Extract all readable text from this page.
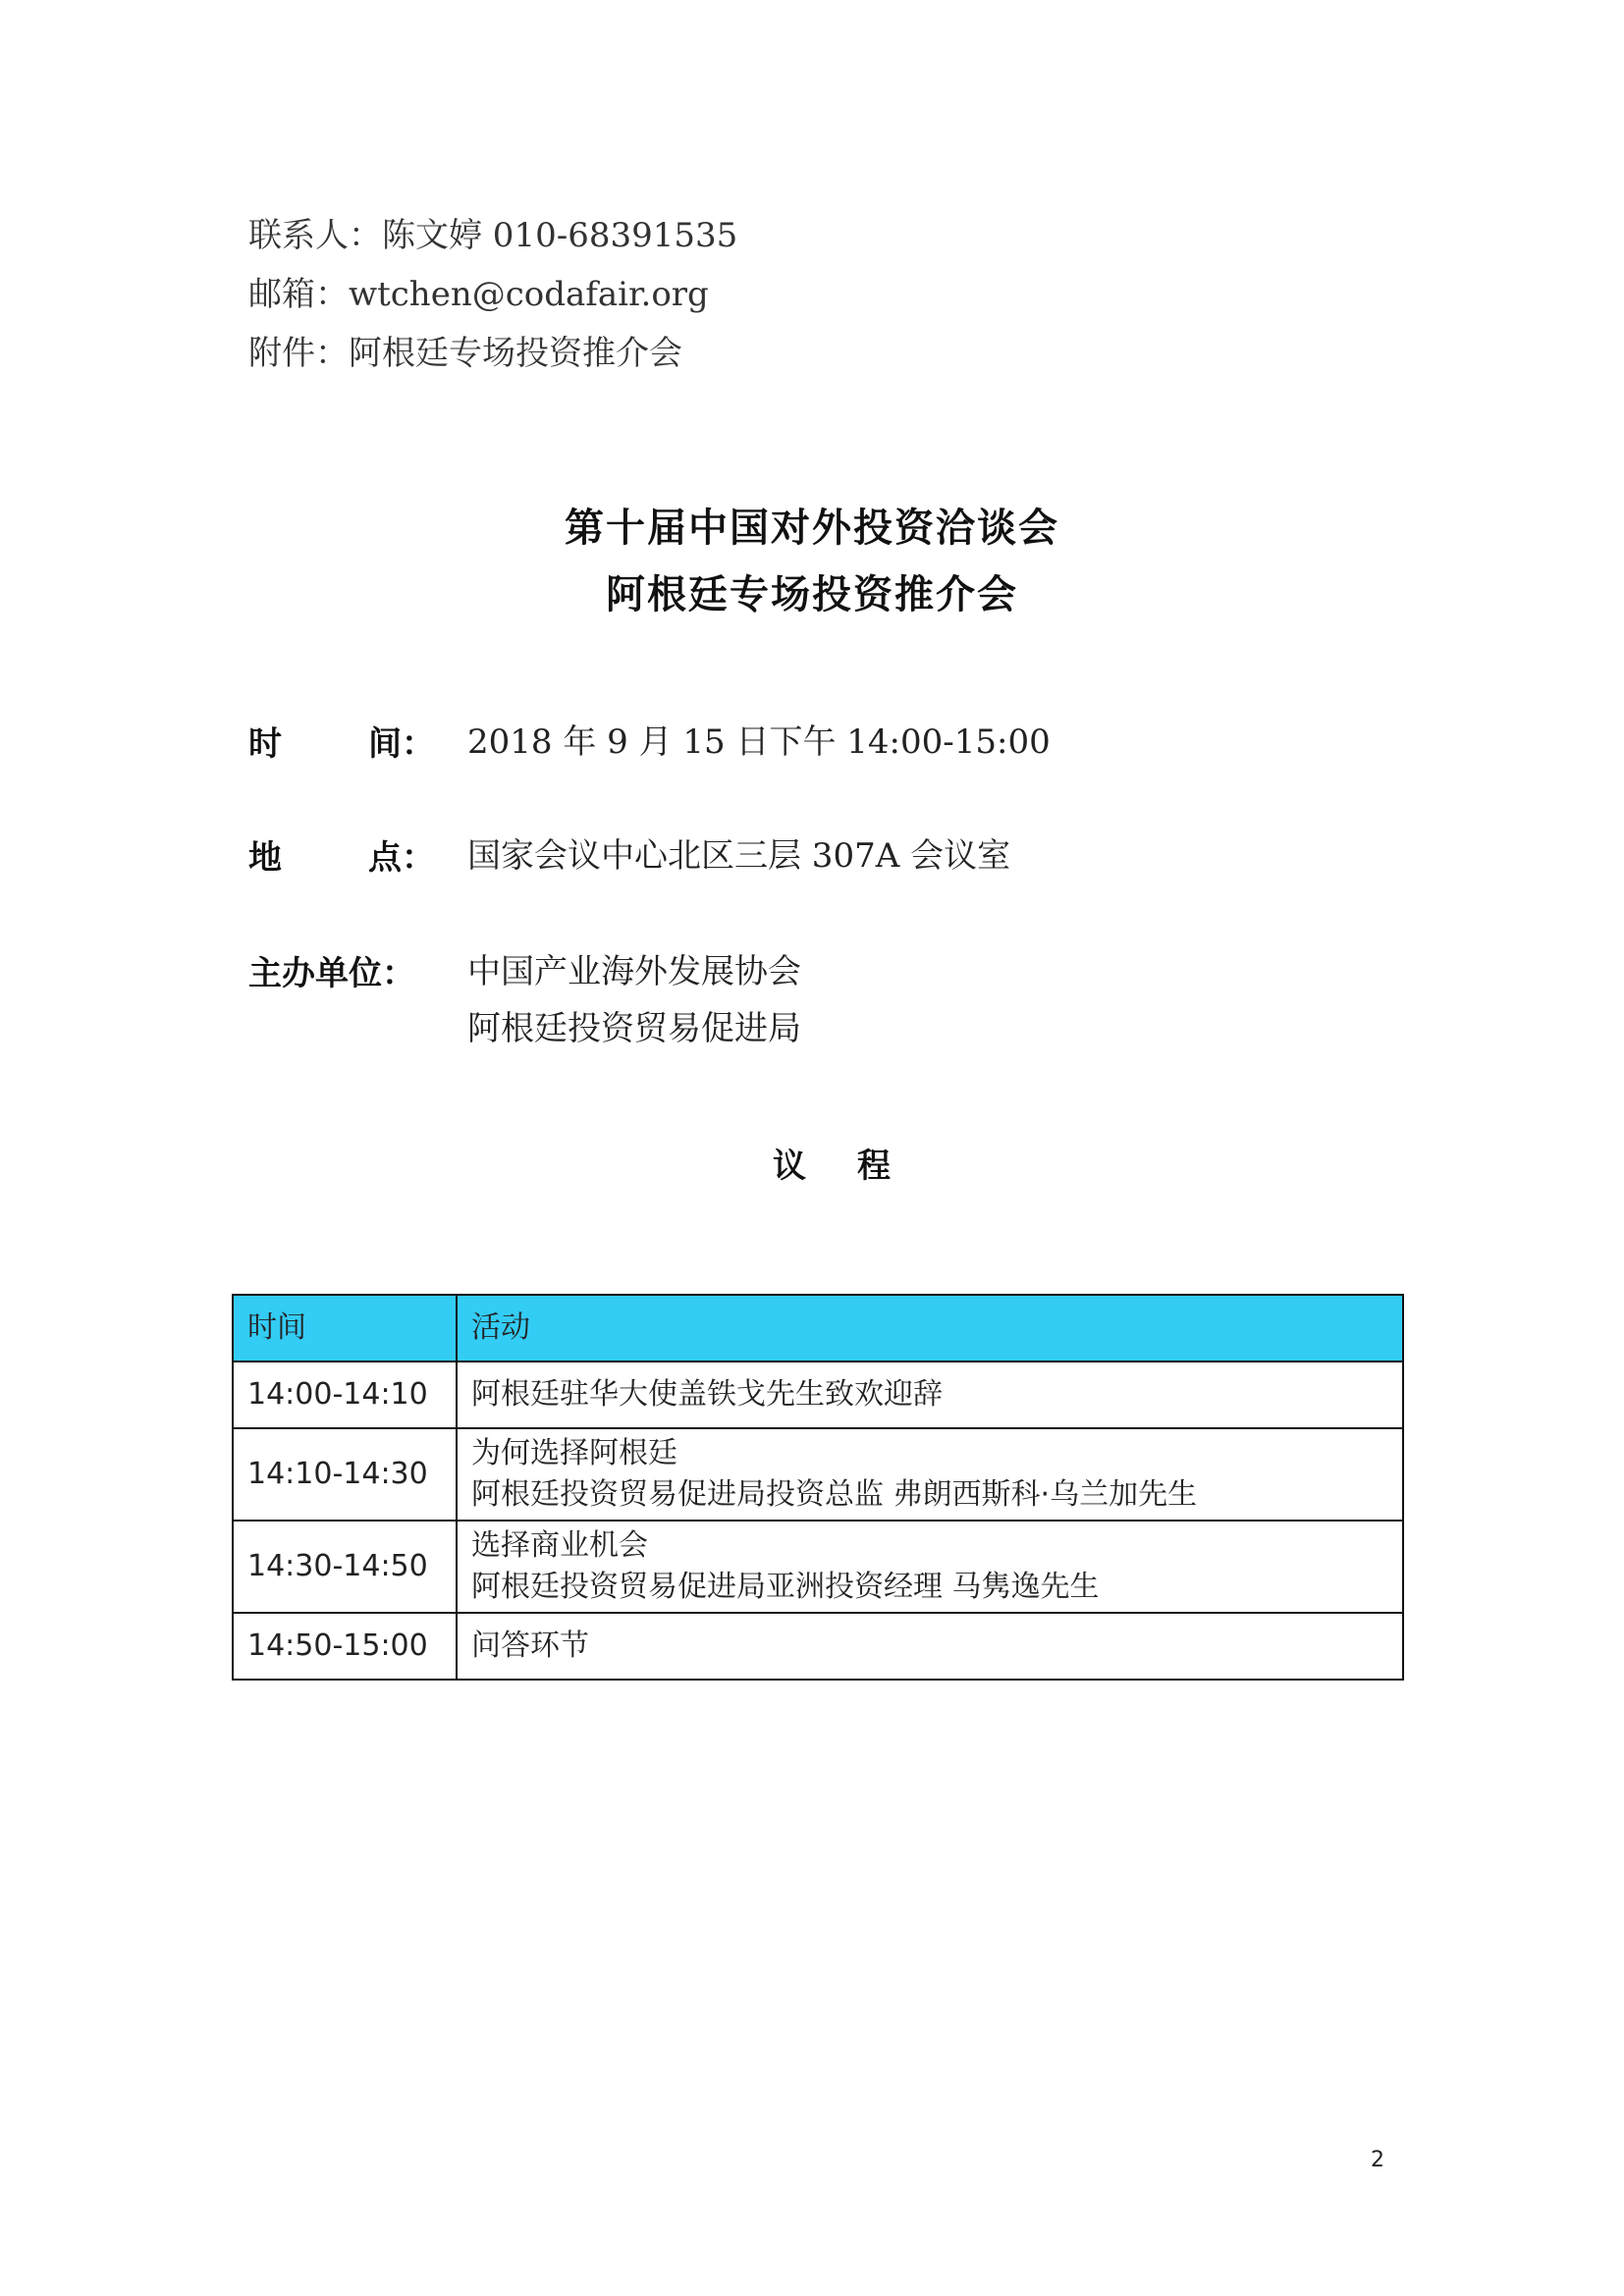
联系人：陈文婷 010-68391535
邮箱：wtchen@codafair.org
附件：阿根廷专场投资推介会
第十届中国对外投资洽谈会
阿根廷专场投资推介会
时	间： 2018 年 9 月 15 日下午 14:00-15:00
地	点： 国家会议中心北区三层 307A 会议室
主办单位：	中国产业海外发展协会
阿根廷投资贸易促进局
议 程
时间	活动
14:00-14:10	阿根廷驻华大使盖铁戈先生致欢迎辞

14:10-14:30	为何选择阿根廷
阿根廷投资贸易促进局投资总监 弗朗西斯科·乌兰加先生

14:30-14:50	选择商业机会
阿根廷投资贸易促进局亚洲投资经理 马隽逸先生

14:50-15:00	问答环节
2
